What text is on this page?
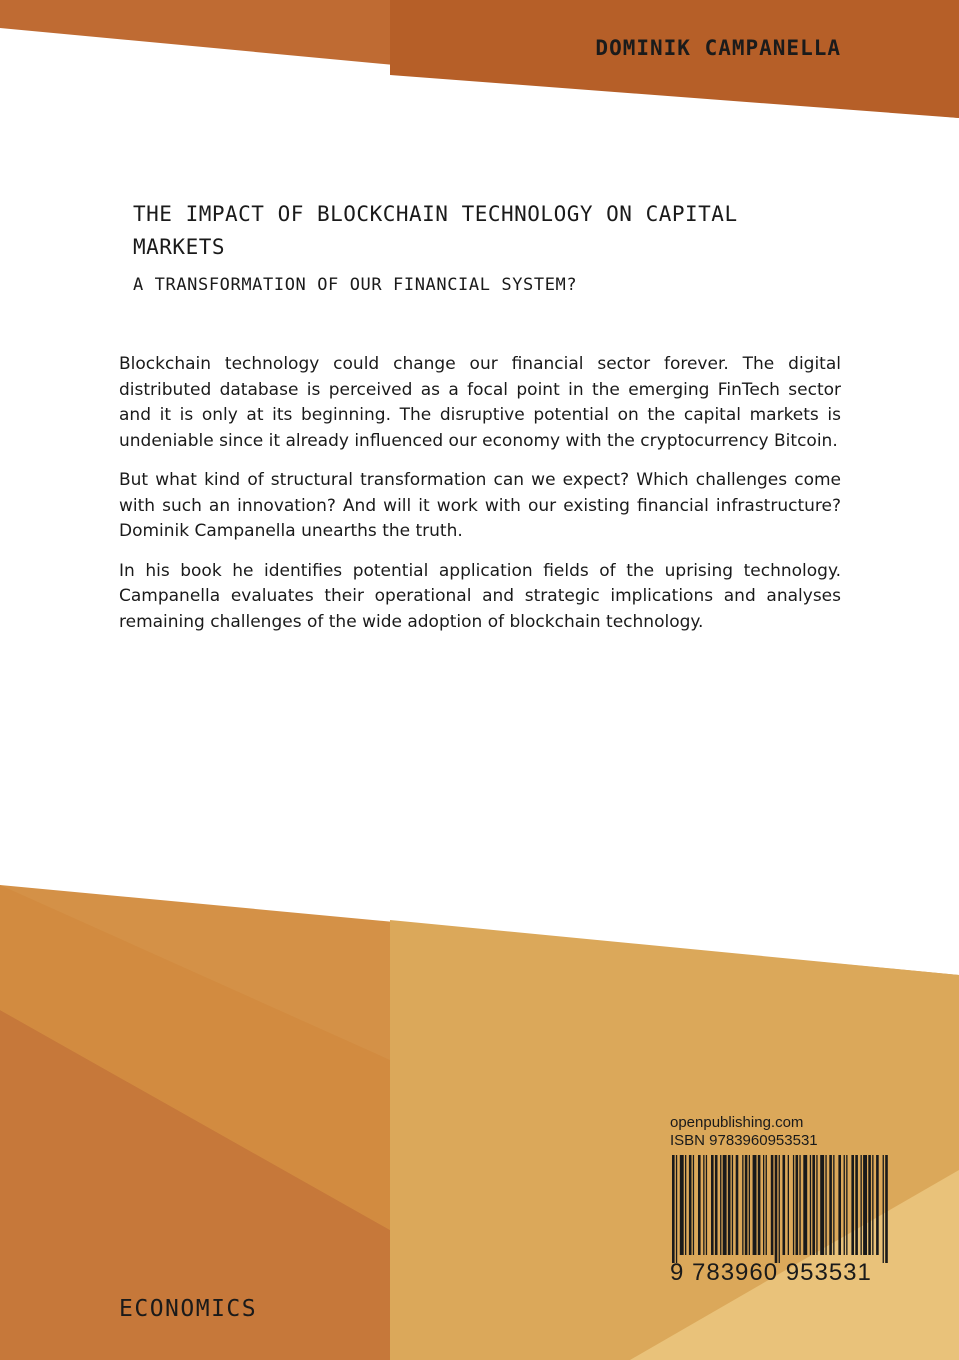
DOMINIK CAMPANELLA
THE IMPACT OF BLOCKCHAIN TECHNOLOGY ON CAPITAL MARKETS
A TRANSFORMATION OF OUR FINANCIAL SYSTEM?

Blockchain technology could change our financial sector forever. The digital distributed database is perceived as a focal point in the emerging FinTech sector and it is only at its beginning. The disruptive potential on the capital markets is undeniable since it already influenced our economy with the cryptocurrency Bitcoin.

But what kind of structural transformation can we expect? Which challenges come with such an innovation? And will it work with our existing financial infrastructure? Dominik Campanella unearths the truth.

In his book he identifies potential application fields of the uprising technology. Campanella evaluates their operational and strategic implications and analyses remaining challenges of the wide adoption of blockchain technology.

openpublishing.com
ISBN 9783960953531
9 783960 953531
ECONOMICS
